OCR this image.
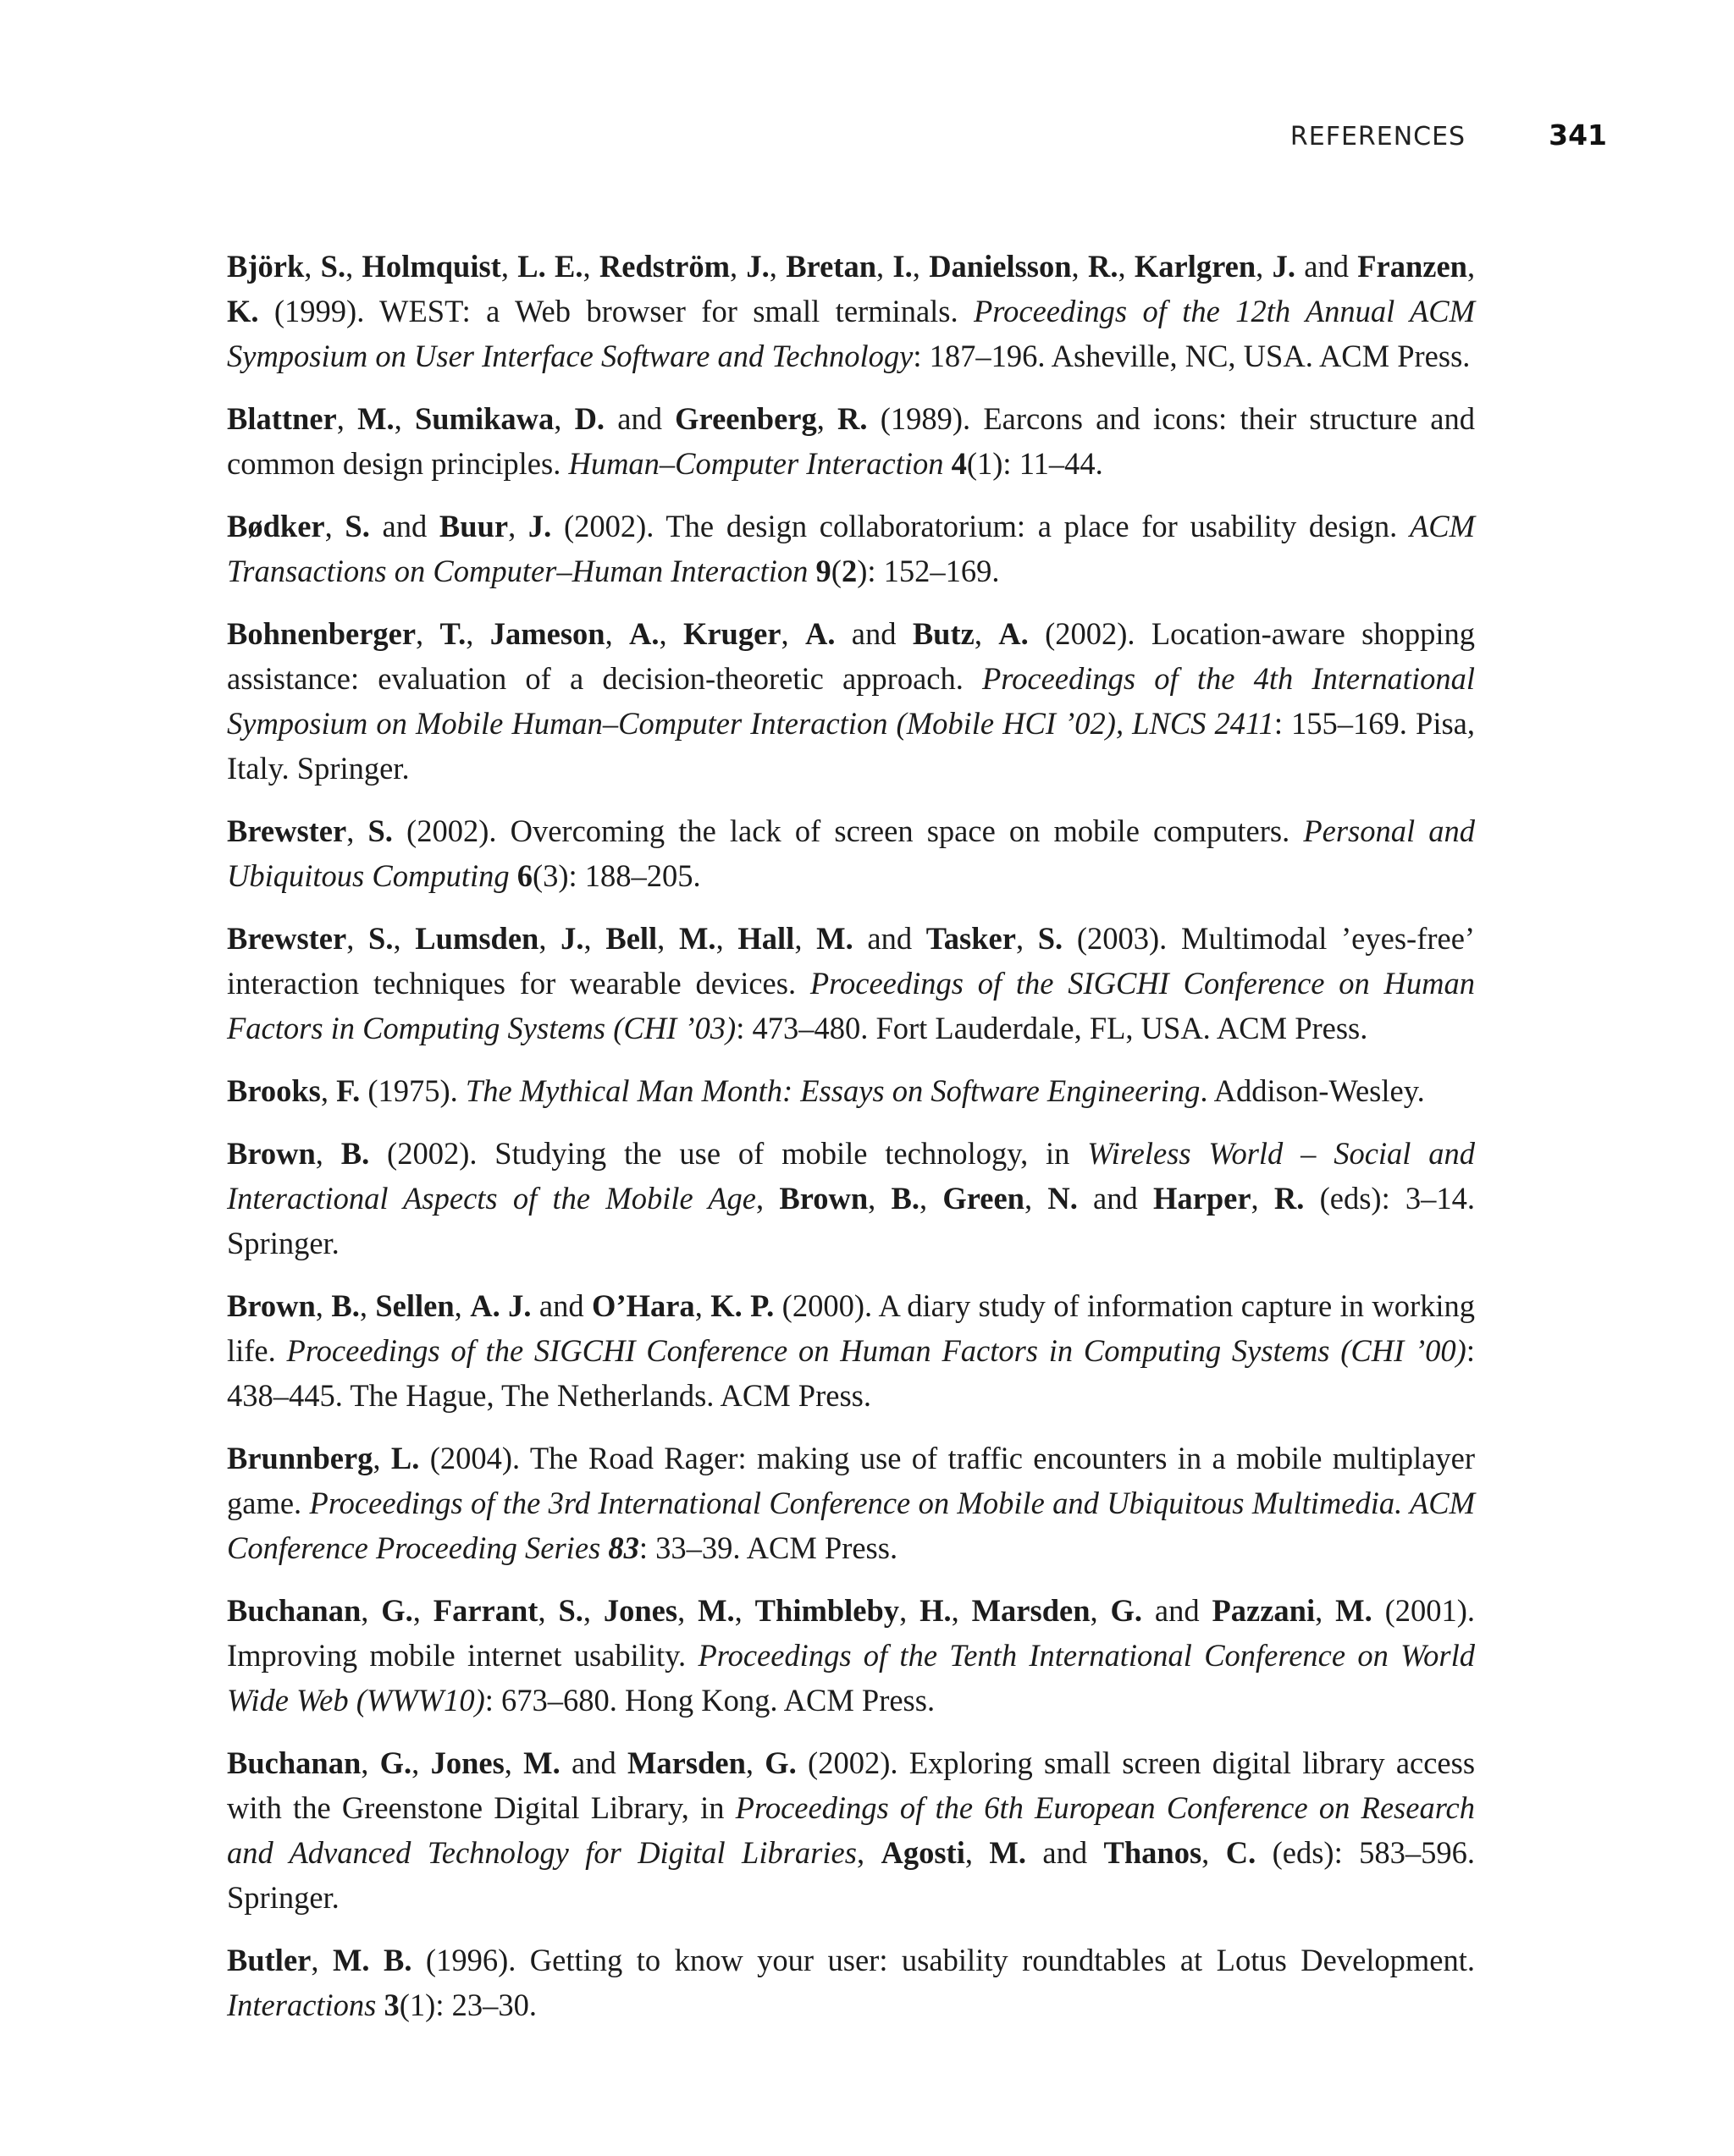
REFERENCES	341

Björk, S., Holmquist, L. E., Redström, J., Bretan, I., Danielsson, R., Karlgren, J. and Franzen, K. (1999). WEST: a Web browser for small terminals. Proceedings of the 12th Annual ACM Symposium on User Interface Software and Technology: 187–196. Asheville, NC, USA. ACM Press.

Blattner, M., Sumikawa, D. and Greenberg, R. (1989). Earcons and icons: their structure and common design principles. Human–Computer Interaction 4(1): 11–44.

Bødker, S. and Buur, J. (2002). The design collaboratorium: a place for usability design. ACM Transactions on Computer–Human Interaction 9(2): 152–169.

Bohnenberger, T., Jameson, A., Kruger, A. and Butz, A. (2002). Location-aware shopping assistance: evaluation of a decision-theoretic approach. Proceedings of the 4th International Symposium on Mobile Human–Computer Interaction (Mobile HCI ’02), LNCS 2411: 155–169. Pisa, Italy. Springer.

Brewster, S. (2002). Overcoming the lack of screen space on mobile computers. Personal and Ubiquitous Computing 6(3): 188–205.

Brewster, S., Lumsden, J., Bell, M., Hall, M. and Tasker, S. (2003). Multimodal ’eyes-free’ interaction techniques for wearable devices. Proceedings of the SIGCHI Conference on Human Factors in Computing Systems (CHI ’03): 473–480. Fort Lauderdale, FL, USA. ACM Press.

Brooks, F. (1975). The Mythical Man Month: Essays on Software Engineering. Addison-Wesley.

Brown, B. (2002). Studying the use of mobile technology, in Wireless World – Social and Interactional Aspects of the Mobile Age, Brown, B., Green, N. and Harper, R. (eds): 3–14. Springer.

Brown, B., Sellen, A. J. and O’Hara, K. P. (2000). A diary study of information capture in working life. Proceedings of the SIGCHI Conference on Human Factors in Computing Systems (CHI ’00): 438–445. The Hague, The Netherlands. ACM Press.

Brunnberg, L. (2004). The Road Rager: making use of traffic encounters in a mobile multiplayer game. Proceedings of the 3rd International Conference on Mobile and Ubiquitous Multimedia. ACM Conference Proceeding Series 83: 33–39. ACM Press.

Buchanan, G., Farrant, S., Jones, M., Thimbleby, H., Marsden, G. and Pazzani, M. (2001). Improving mobile internet usability. Proceedings of the Tenth International Conference on World Wide Web (WWW10): 673–680. Hong Kong. ACM Press.

Buchanan, G., Jones, M. and Marsden, G. (2002). Exploring small screen digital library access with the Greenstone Digital Library, in Proceedings of the 6th European Conference on Research and Advanced Technology for Digital Libraries, Agosti, M. and Thanos, C. (eds): 583–596. Springer.

Butler, M. B. (1996). Getting to know your user: usability roundtables at Lotus Development. Interactions 3(1): 23–30.
